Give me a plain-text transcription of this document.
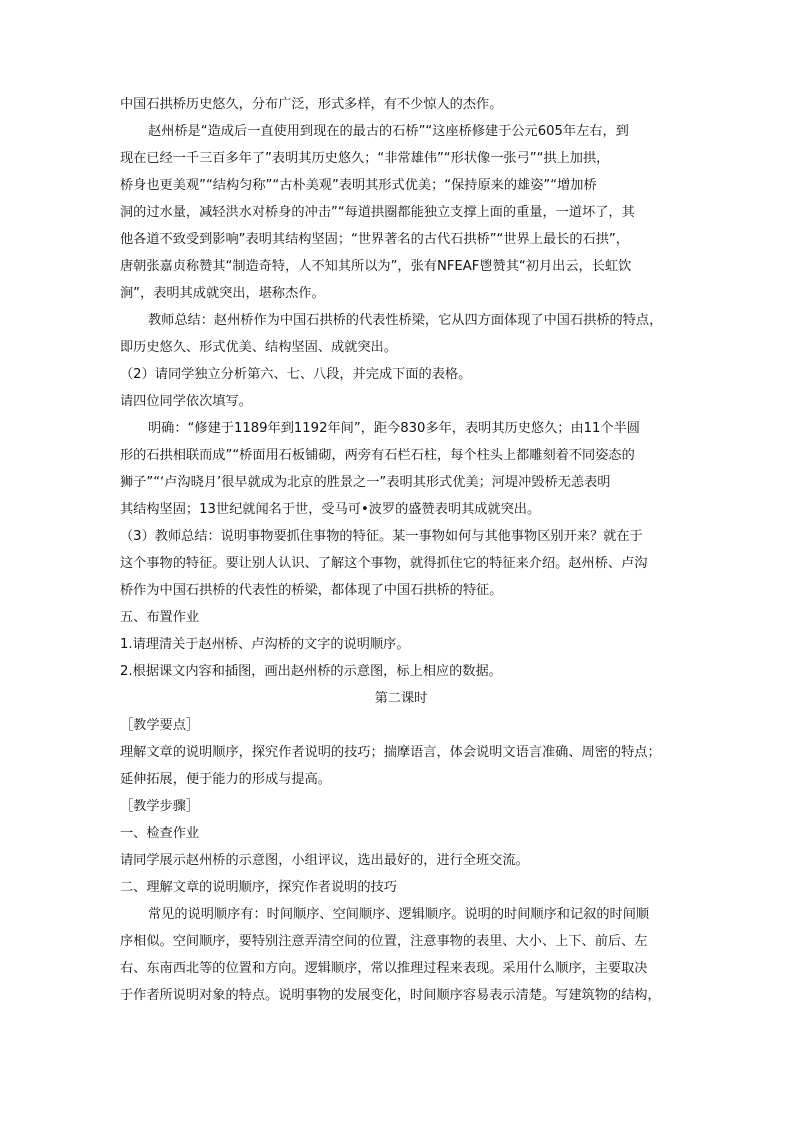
中国石拱桥历史悠久，分布广泛，形式多样，有不少惊人的杰作。
赵州桥是“造成后一直使用到现在的最古的石桥”“这座桥修建于公元605年左右，到
现在已经一千三百多年了”表明其历史悠久；“非常雄伟”“形状像一张弓”“拱上加拱，
桥身也更美观”“结构匀称”“古朴美观”表明其形式优美；“保持原来的雄姿”“增加桥
洞的过水量，减轻洪水对桥身的冲击”“每道拱圈都能独立支撑上面的重量，一道坏了，其
他各道不致受到影响”表明其结构坚固；“世界著名的古代石拱桥”“世界上最长的石拱”，
唐朝张嘉贞称赞其“制造奇特，人不知其所以为”，张有NFEAF鬯赞其“初月出云，长虹饮
涧”，表明其成就突出，堪称杰作。
教师总结：赵州桥作为中国石拱桥的代表性桥梁，它从四方面体现了中国石拱桥的特点，
即历史悠久、形式优美、结构坚固、成就突出。
（2）请同学独立分析第六、七、八段，并完成下面的表格。
请四位同学依次填写。
明确：“修建于1189年到1192年间”，距今830多年，表明其历史悠久；由11个半圆
形的石拱相联而成”“桥面用石板铺砌，两旁有石栏石柱，每个柱头上都雕刻着不同姿态的
狮子”“‘卢沟晓月’很早就成为北京的胜景之一”表明其形式优美；河堤冲毁桥无恙表明
其结构坚固；13世纪就闻名于世，受马可•波罗的盛赞表明其成就突出。
（3）教师总结：说明事物要抓住事物的特征。某一事物如何与其他事物区别开来？就在于
这个事物的特征。要让别人认识、了解这个事物，就得抓住它的特征来介绍。赵州桥、卢沟
桥作为中国石拱桥的代表性的桥梁，都体现了中国石拱桥的特征。
五、布置作业
1.请理清关于赵州桥、卢沟桥的文字的说明顺序。
2.根据课文内容和插图，画出赵州桥的示意图，标上相应的数据。
第二课时
［教学要点］
理解文章的说明顺序，探究作者说明的技巧；揣摩语言，体会说明文语言准确、周密的特点；
延伸拓展，便于能力的形成与提高。
［教学步骤］
一、检查作业
请同学展示赵州桥的示意图，小组评议，选出最好的，进行全班交流。
二、理解文章的说明顺序，探究作者说明的技巧
常见的说明顺序有：时间顺序、空间顺序、逻辑顺序。说明的时间顺序和记叙的时间顺
序相似。空间顺序，要特别注意弄清空间的位置，注意事物的表里、大小、上下、前后、左
右、东南西北等的位置和方向。逻辑顺序，常以推理过程来表现。采用什么顺序，主要取决
于作者所说明对象的特点。说明事物的发展变化，时间顺序容易表示清楚。写建筑物的结构，
